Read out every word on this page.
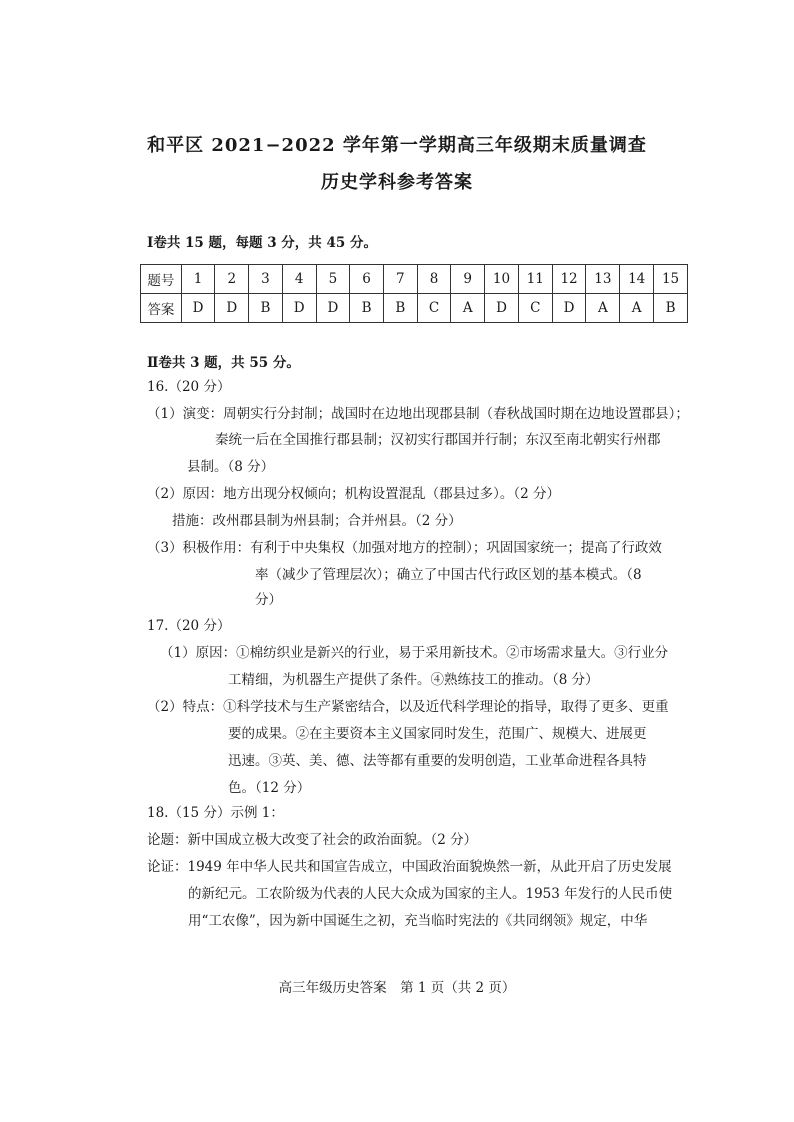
和平区 2021−2022 学年第一学期高三年级期末质量调查
历史学科参考答案
Ⅰ卷共 15 题，每题 3 分，共 45 分。
题号	1	2	3	4	5	6	7	8	9	10	11	12	13	14	15
答案	D	D	B	D	D	B	B	C	A	D	C	D	A	A	B
Ⅱ卷共 3 题，共 55 分。
16.（20 分）
（1）演变：周朝实行分封制；战国时在边地出现郡县制（春秋战国时期在边地设置郡县）；
秦统一后在全国推行郡县制；汉初实行郡国并行制；东汉至南北朝实行州郡
县制。（8 分）
（2）原因：地方出现分权倾向；机构设置混乱（郡县过多）。（2 分）
措施：改州郡县制为州县制；合并州县。（2 分）
（3）积极作用：有利于中央集权（加强对地方的控制）；巩固国家统一；提高了行政效
率（减少了管理层次）；确立了中国古代行政区划的基本模式。（8
分）
17.（20 分）
（1）原因：①棉纺织业是新兴的行业，易于采用新技术。②市场需求量大。③行业分
工精细，为机器生产提供了条件。④熟练技工的推动。（8 分）
（2）特点：①科学技术与生产紧密结合，以及近代科学理论的指导，取得了更多、更重
要的成果。②在主要资本主义国家同时发生，范围广、规模大、进展更
迅速。③英、美、德、法等都有重要的发明创造，工业革命进程各具特
色。（12 分）
18.（15 分）示例 1：
论题：新中国成立极大改变了社会的政治面貌。（2 分）
论证：1949 年中华人民共和国宣告成立，中国政治面貌焕然一新，从此开启了历史发展
的新纪元。工农阶级为代表的人民大众成为国家的主人。1953 年发行的人民币使
用“工农像”，因为新中国诞生之初，充当临时宪法的《共同纲领》规定，中华
高三年级历史答案　第 1 页（共 2 页）
